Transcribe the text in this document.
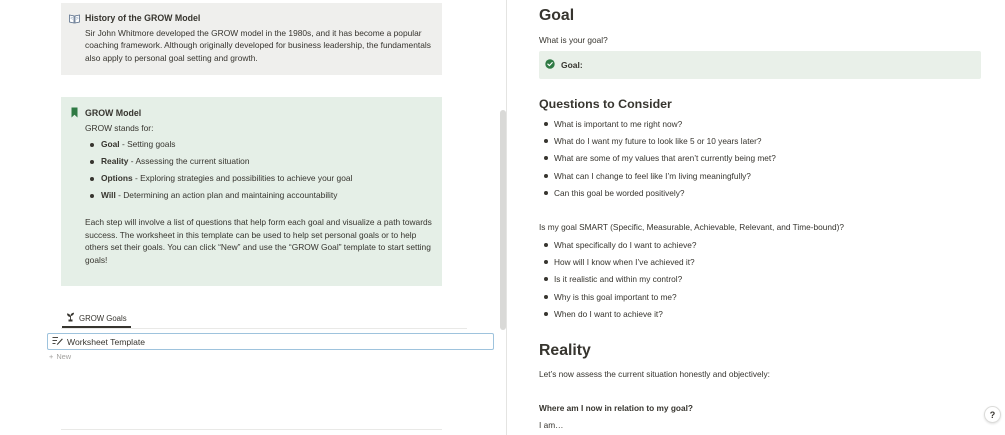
History of the GROW Model
Sir John Whitmore developed the GROW model in the 1980s, and it has become a popular coaching framework. Although originally developed for business leadership, the fundamentals also apply to personal goal setting and growth.
GROW Model
GROW stands for:
Goal - Setting goals
Reality - Assessing the current situation
Options - Exploring strategies and possibilities to achieve your goal
Will - Determining an action plan and maintaining accountability
Each step will involve a list of questions that help form each goal and visualize a path towards success. The worksheet in this template can be used to help set personal goals or to help others set their goals. You can click “New” and use the “GROW Goal” template to start setting goals!
GROW Goals
Worksheet Template
+ New
Goal
What is your goal?
Goal:
Questions to Consider
What is important to me right now?
What do I want my future to look like 5 or 10 years later?
What are some of my values that aren’t currently being met?
What can I change to feel like I’m living meaningfully?
Can this goal be worded positively?
Is my goal SMART (Specific, Measurable, Achievable, Relevant, and Time-bound)?
What specifically do I want to achieve?
How will I know when I’ve achieved it?
Is it realistic and within my control?
Why is this goal important to me?
When do I want to achieve it?
Reality
Let’s now assess the current situation honestly and objectively:
Where am I now in relation to my goal?
I am…
?
